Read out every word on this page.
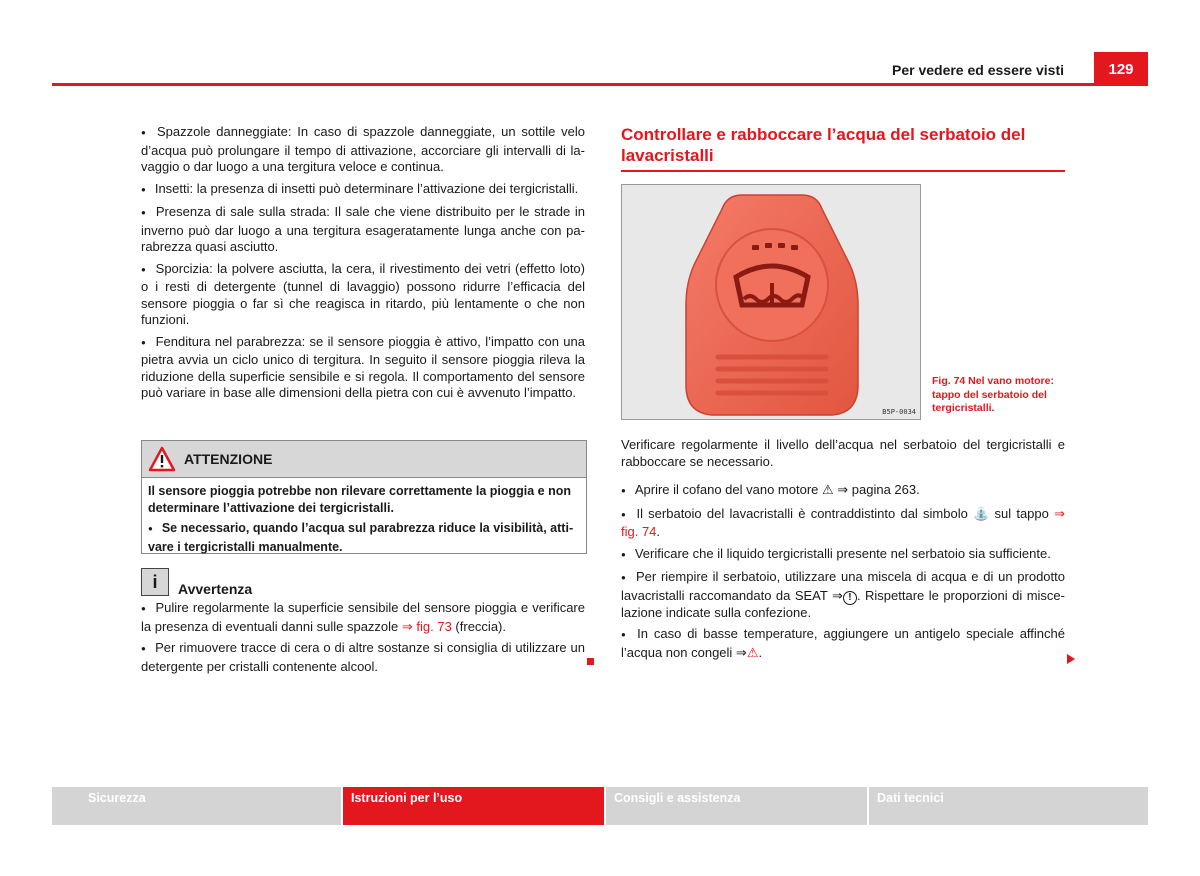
Per vedere ed essere visti	129

● Spazzole danneggiate: In caso di spazzole danneggiate, un sottile velo d’acqua può prolungare il tempo di attivazione, accorciare gli intervalli di lavaggio o dar luogo a una tergitura veloce e continua.

● Insetti: la presenza di insetti può determinare l’attivazione dei tergicristalli.

● Presenza di sale sulla strada: Il sale che viene distribuito per le strade in inverno può dar luogo a una tergitura esageratamente lunga anche con parabrezza quasi asciutto.

● Sporcizia: la polvere asciutta, la cera, il rivestimento dei vetri (effetto loto) o i resti di detergente (tunnel di lavaggio) possono ridurre l’efficacia del sensore pioggia o far sì che reagisca in ritardo, più lentamente o che non funzioni.

● Fenditura nel parabrezza: se il sensore pioggia è attivo, l’impatto con una pietra avvia un ciclo unico di tergitura. In seguito il sensore pioggia rileva la riduzione della superficie sensibile e si regola. Il comportamento del sensore può variare in base alle dimensioni della pietra con cui è avvenuto l’impatto.

ATTENZIONE

Il sensore pioggia potrebbe non rilevare correttamente la pioggia e non determinare l’attivazione dei tergicristalli.

● Se necessario, quando l’acqua sul parabrezza riduce la visibilità, attivare i tergicristalli manualmente.

i	Avvertenza

● Pulire regolarmente la superficie sensibile del sensore pioggia e verificare la presenza di eventuali danni sulle spazzole ⇒ fig. 73 (freccia).

● Per rimuovere tracce di cera o di altre sostanze si consiglia di utilizzare un detergente per cristalli contenente alcool.

Controllare e rabboccare l’acqua del serbatoio del lavacristalli
B5P-0034
Fig. 74 Nel vano motore: tappo del serbatoio del tergicristalli.

Verificare regolarmente il livello dell’acqua nel serbatoio del tergicristalli e rabboccare se necessario.

● Aprire il cofano del vano motore ⚠ ⇒ pagina 263.

● Il serbatoio del lavacristalli è contraddistinto dal simbolo ⛲ sul tappo ⇒ fig. 74.

● Verificare che il liquido tergicristalli presente nel serbatoio sia sufficiente.

● Per riempire il serbatoio, utilizzare una miscela di acqua e di un prodotto lavacristalli raccomandato da SEAT ⇒ ! . Rispettare le proporzioni di miscelazione indicate sulla confezione.

● In caso di basse temperature, aggiungere un antigelo speciale affinché l’acqua non congeli ⇒⚠.

Sicurezza	Istruzioni per l’uso	Consigli e assistenza	Dati tecnici
